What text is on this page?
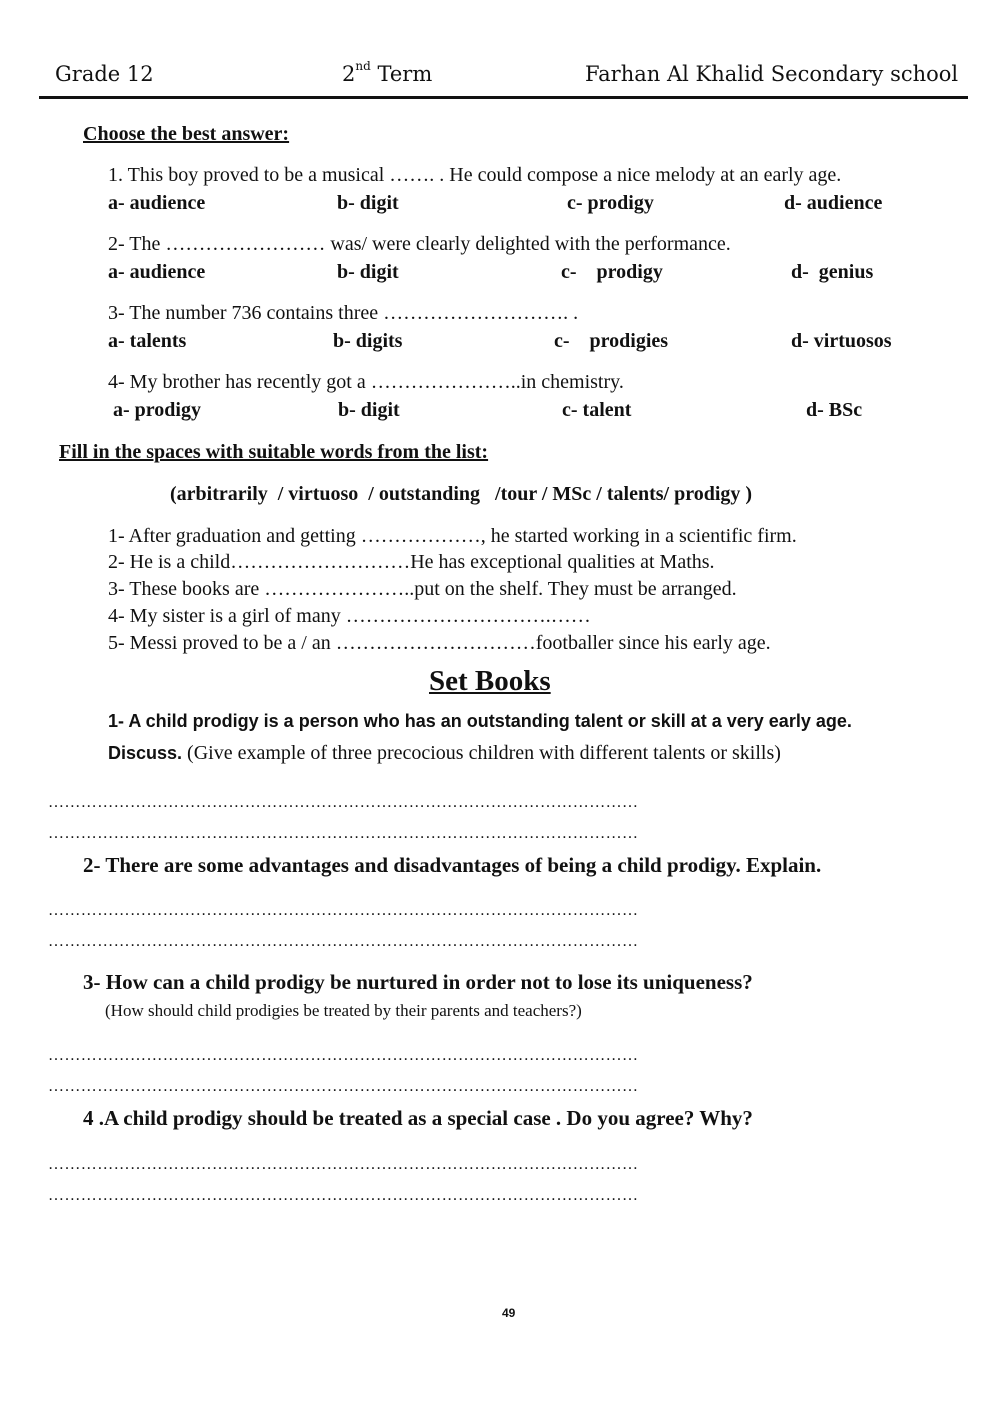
Grade 12	2nd Term	Farhan Al Khalid Secondary school
Choose the best answer:
1. This boy proved to be a musical ……. . He could compose a nice melody at an early age.
a- audience	b- digit	c- prodigy	d- audience
2- The …………………… was/ were clearly delighted with the performance.
a- audience	b- digit	c-    prodigy	d-  genius
3- The number 736 contains three ………………………. .
a- talents	b- digits	c-    prodigies	d- virtuosos
4- My brother has recently got a …………………..in chemistry.
a- prodigy	b- digit	c- talent	d- BSc
Fill in the spaces with suitable words from the list:
(arbitrarily  / virtuoso  / outstanding   /tour / MSc / talents/ prodigy )
1- After graduation and getting ………………, he started working in a scientific firm.
2- He is a child………………………He has exceptional qualities at Maths.
3- These books are …………………..put on the shelf. They must be arranged.
4- My sister is a girl of many ………………………….……
5- Messi proved to be a / an …………………………footballer since his early age.
Set Books
1- A child prodigy is a person who has an outstanding talent or skill at a very early age.
Discuss. (Give example of three precocious children with different talents or skills)
………………………………………………………………………………………………
………………………………………………………………………………………………
2- There are some advantages and disadvantages of being a child prodigy. Explain.
………………………………………………………………………………………………
………………………………………………………………………………………………
3- How can a child prodigy be nurtured in order not to lose its uniqueness?
(How should child prodigies be treated by their parents and teachers?)
………………………………………………………………………………………………
………………………………………………………………………………………………
4 .A child prodigy should be treated as a special case . Do you agree? Why?
………………………………………………………………………………………………
………………………………………………………………………………………………
49
